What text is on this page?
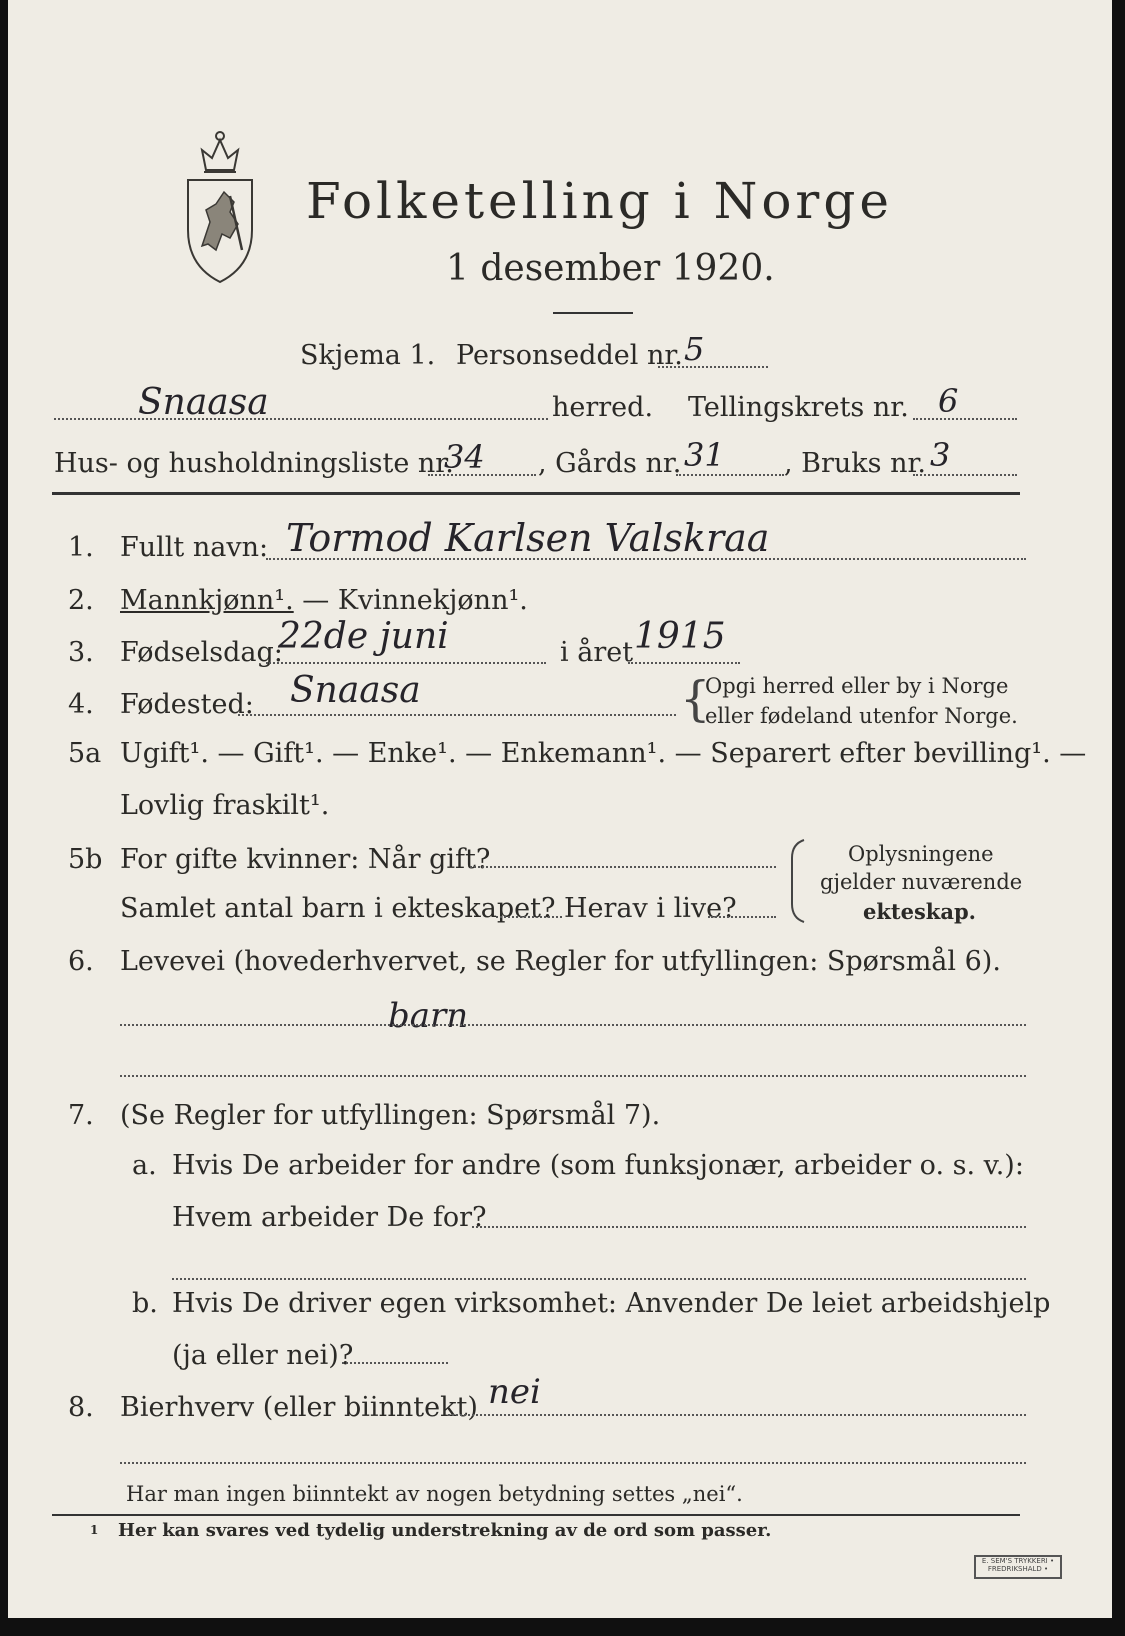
Folketelling i Norge
1 desember 1920.
Skjema 1. Personseddel nr. 5
Snaasa	herred. Tellingskrets nr. 6
Hus- og husholdningsliste nr.
34 , Gårds nr. 31 , Bruks nr. 3
1. Fullt navn: Tormod Karlsen Valskraa
2. Mannkjønn¹. — Kvinnekjønn¹.
3. Fødselsdag:
22de juni	i året 1915
4. Fødested: Snaasa	{
Opgi herred eller by i Norge
eller fødeland utenfor Norge.
5a Ugift¹. — Gift¹. — Enke¹. — Enkemann¹. — Separert efter bevilling¹. —
Lovlig fraskilt¹.
5b For gifte kvinner: Når gift?
Samlet antal barn i ekteskapet? Herav i live?
Oplysningene
gjelder nuværende
ekteskap.
6. Levevei (hovederhvervet, se Regler for utfyllingen: Spørsmål 6).
barn
7. (Se Regler for utfyllingen: Spørsmål 7).
a. Hvis De arbeider for andre (som funksjonær, arbeider o. s. v.):
Hvem arbeider De for?
b. Hvis De driver egen virksomhet: Anvender De leiet arbeidshjelp
(ja eller nei)?
8. Bierhverv (eller biinntekt) nei
Har man ingen biinntekt av nogen betydning settes „nei“.
1 Her kan svares ved tydelig understrekning av de ord som passer.
E. SEM'S TRYKKERI • FREDRIKSHALD •
